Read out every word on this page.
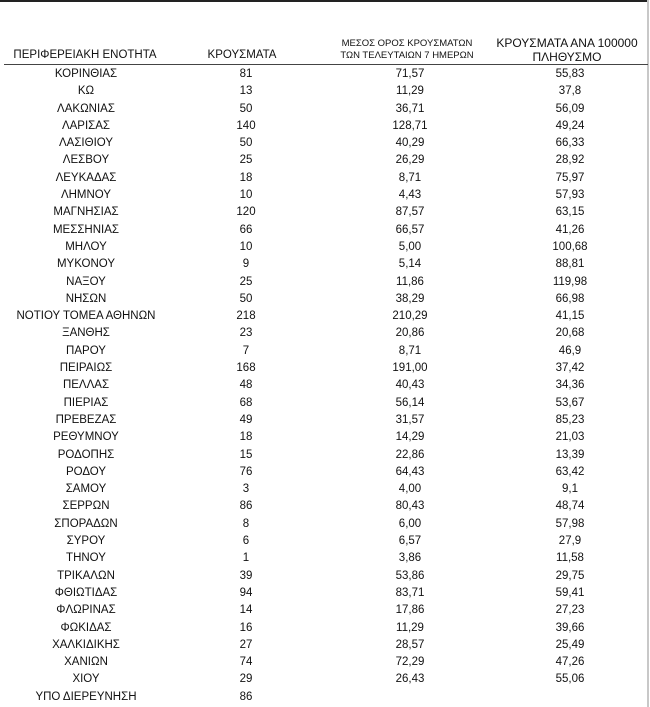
ΠΕΡΙΦΕΡΕΙΑΚΗ ΕΝΟΤΗΤΑ	ΚΡΟΥΣΜΑΤΑ
ΜΕΣΟΣ ΟΡΟΣ ΚΡΟΥΣΜΑΤΩΝ
ΤΩΝ ΤΕΛΕΥΤΑΙΩΝ 7 ΗΜΕΡΩΝ
ΚΡΟΥΣΜΑΤΑ ΑΝΑ 100000
ΠΛΗΘΥΣΜΟ
ΚΟΡΙΝΘΙΑΣ	81	71,57	55,83
ΚΩ	13	11,29	37,8
ΛΑΚΩΝΙΑΣ	50	36,71	56,09
ΛΑΡΙΣΑΣ	140	128,71	49,24
ΛΑΣΙΘΙΟΥ	50	40,29	66,33
ΛΕΣΒΟΥ	25	26,29	28,92
ΛΕΥΚΑΔΑΣ	18	8,71	75,97
ΛΗΜΝΟΥ	10	4,43	57,93
ΜΑΓΝΗΣΙΑΣ	120	87,57	63,15
ΜΕΣΣΗΝΙΑΣ	66	66,57	41,26
ΜΗΛΟΥ	10	5,00	100,68
ΜΥΚΟΝΟΥ	9	5,14	88,81
ΝΑΞΟΥ	25	11,86	119,98
ΝΗΣΩΝ	50	38,29	66,98
ΝΟΤΙΟΥ ΤΟΜΕΑ ΑΘΗΝΩΝ	218	210,29	41,15
ΞΑΝΘΗΣ	23	20,86	20,68
ΠΑΡΟΥ	7	8,71	46,9
ΠΕΙΡΑΙΩΣ	168	191,00	37,42
ΠΕΛΛΑΣ	48	40,43	34,36
ΠΙΕΡΙΑΣ	68	56,14	53,67
ΠΡΕΒΕΖΑΣ	49	31,57	85,23
ΡΕΘΥΜΝΟΥ	18	14,29	21,03
ΡΟΔΟΠΗΣ	15	22,86	13,39
ΡΟΔΟΥ	76	64,43	63,42
ΣΑΜΟΥ	3	4,00	9,1
ΣΕΡΡΩΝ	86	80,43	48,74
ΣΠΟΡΑΔΩΝ	8	6,00	57,98
ΣΥΡΟΥ	6	6,57	27,9
ΤΗΝΟΥ	1	3,86	11,58
ΤΡΙΚΑΛΩΝ	39	53,86	29,75
ΦΘΙΩΤΙΔΑΣ	94	83,71	59,41
ΦΛΩΡΙΝΑΣ	14	17,86	27,23
ΦΩΚΙΔΑΣ	16	11,29	39,66
ΧΑΛΚΙΔΙΚΗΣ	27	28,57	25,49
ΧΑΝΙΩΝ	74	72,29	47,26
ΧΙΟΥ	29	26,43	55,06
ΥΠΟ ΔΙΕΡΕΥΝΗΣΗ	86
